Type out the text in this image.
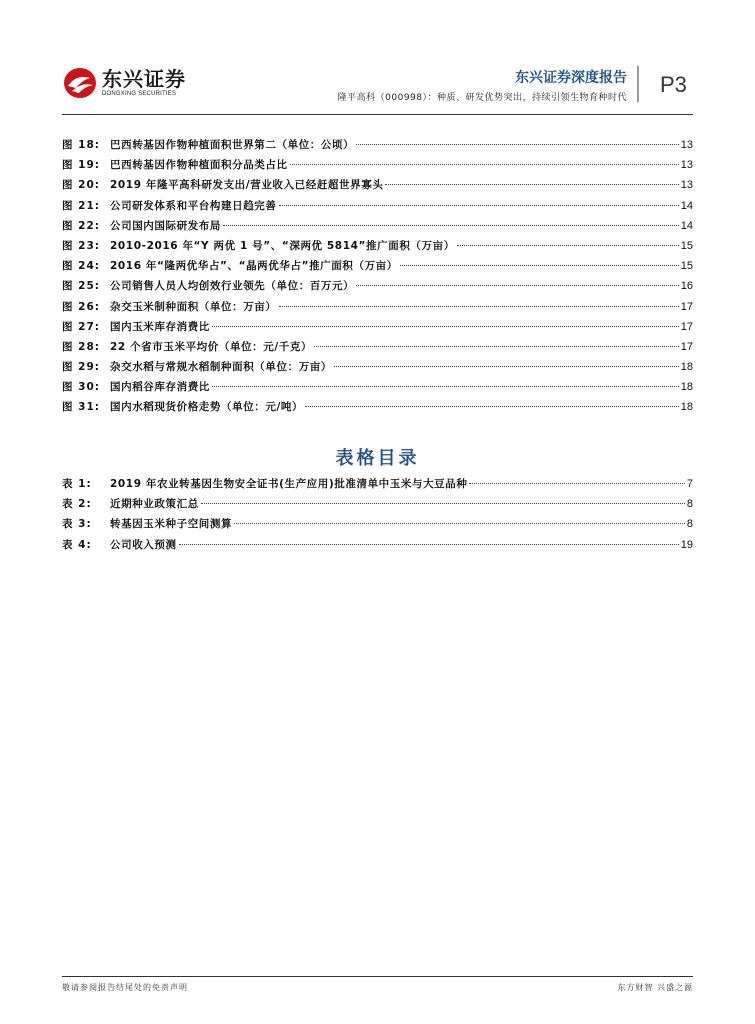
东兴证券
DONGXING SECURITIES
东兴证券深度报告
隆平高科（000998）：种质、研发优势突出，持续引领生物育种时代
P3
图 18: 巴西转基因作物种植面积世界第二（单位：公顷）	13
图 19: 巴西转基因作物种植面积分品类占比	13
图 20: 2019 年隆平高科研发支出/营业收入已经赶超世界寡头	13
图 21: 公司研发体系和平台构建日趋完善	14
图 22: 公司国内国际研发布局	14
图 23: 2010-2016 年“Y 两优 1 号”、“深两优 5814”推广面积（万亩）	15
图 24: 2016 年“隆两优华占”、“晶两优华占”推广面积（万亩）	15
图 25: 公司销售人员人均创效行业领先（单位：百万元）	16
图 26: 杂交玉米制种面积（单位：万亩）	17
图 27: 国内玉米库存消费比	17
图 28: 22 个省市玉米平均价（单位：元/千克）	17
图 29: 杂交水稻与常规水稻制种面积（单位：万亩）	18
图 30: 国内稻谷库存消费比	18
图 31: 国内水稻现货价格走势（单位：元/吨）	18
表格目录
表 1:	2019 年农业转基因生物安全证书(生产应用)批准清单中玉米与大豆品种	7
表 2:	近期种业政策汇总	8
表 3:	转基因玉米种子空间测算	8
表 4:	公司收入预测	19
敬请参阅报告结尾处的免责声明	东方财智 兴盛之源
